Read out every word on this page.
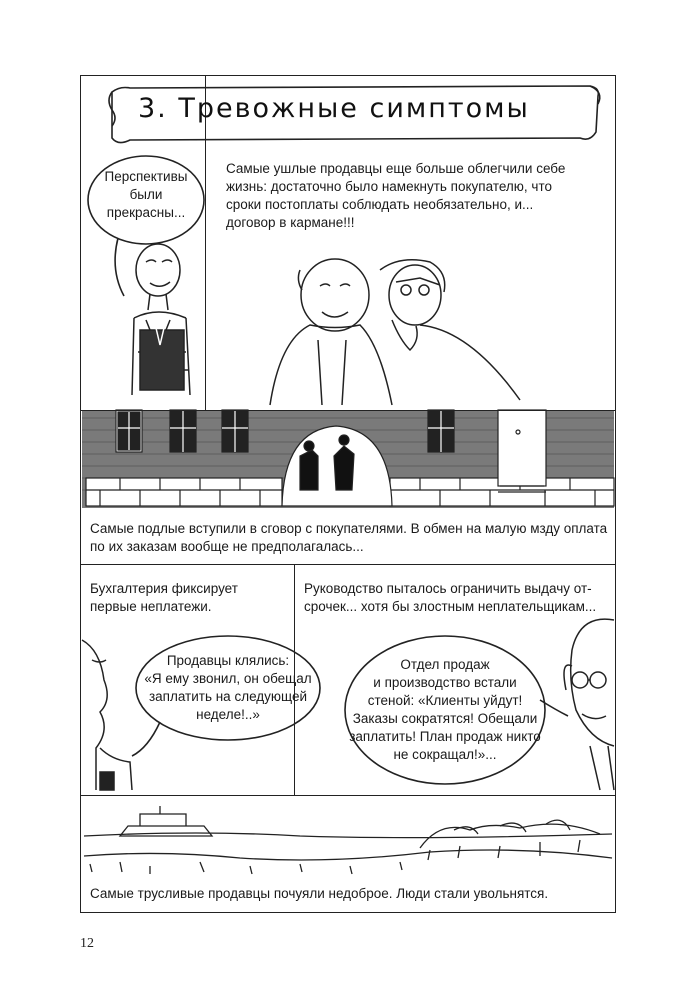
3. Тревожные симптомы
Перспективы
были
прекрасны...
Самые ушлые продавцы еще больше облегчили себе
жизнь: достаточно было намекнуть покупателю, что
сроки постоплаты соблюдать необязательно, и...
договор в кармане!!!
Самые подлые вступили в сговор с покупателями. В обмен на малую мзду оплата
по их заказам вообще не предполагалась...
Бухгалтерия фиксирует
первые неплатежи.
Продавцы клялись:
«Я ему звонил, он обещал
заплатить на следующей
неделе!..»
Руководство пыталось ограничить выдачу от-
срочек... хотя бы злостным неплательщикам...
Отдел продаж
и производство встали
стеной: «Клиенты уйдут!
Заказы сократятся! Обещали
заплатить! План продаж никто
не сокращал!»...
Самые трусливые продавцы почуяли недоброе. Люди стали увольнятся.
12
